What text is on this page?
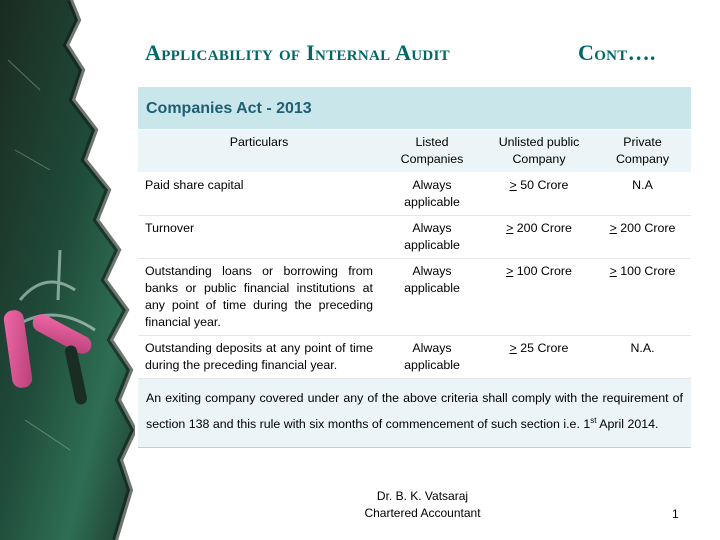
Applicability of Internal Audit	Cont….
Companies Act - 2013			
Particulars	Listed Companies	Unlisted public Company	Private Company
Paid share capital	Always applicable	≥ 50 Crore	N.A
Turnover	Always applicable	≥ 200 Crore	≥ 200 Crore
Outstanding loans or borrowing from banks or public financial institutions at any point of time during the preceding financial year.	Always applicable	≥ 100 Crore	≥ 100 Crore
Outstanding deposits at any point of time during the preceding financial year.	Always applicable	≥ 25 Crore	N.A.
An exiting company covered under any of the above criteria shall comply with the requirement of section 138 and this rule with six months of commencement of such section i.e. 1st April 2014.			
Dr. B. K. Vatsaraj
Chartered Accountant	1
